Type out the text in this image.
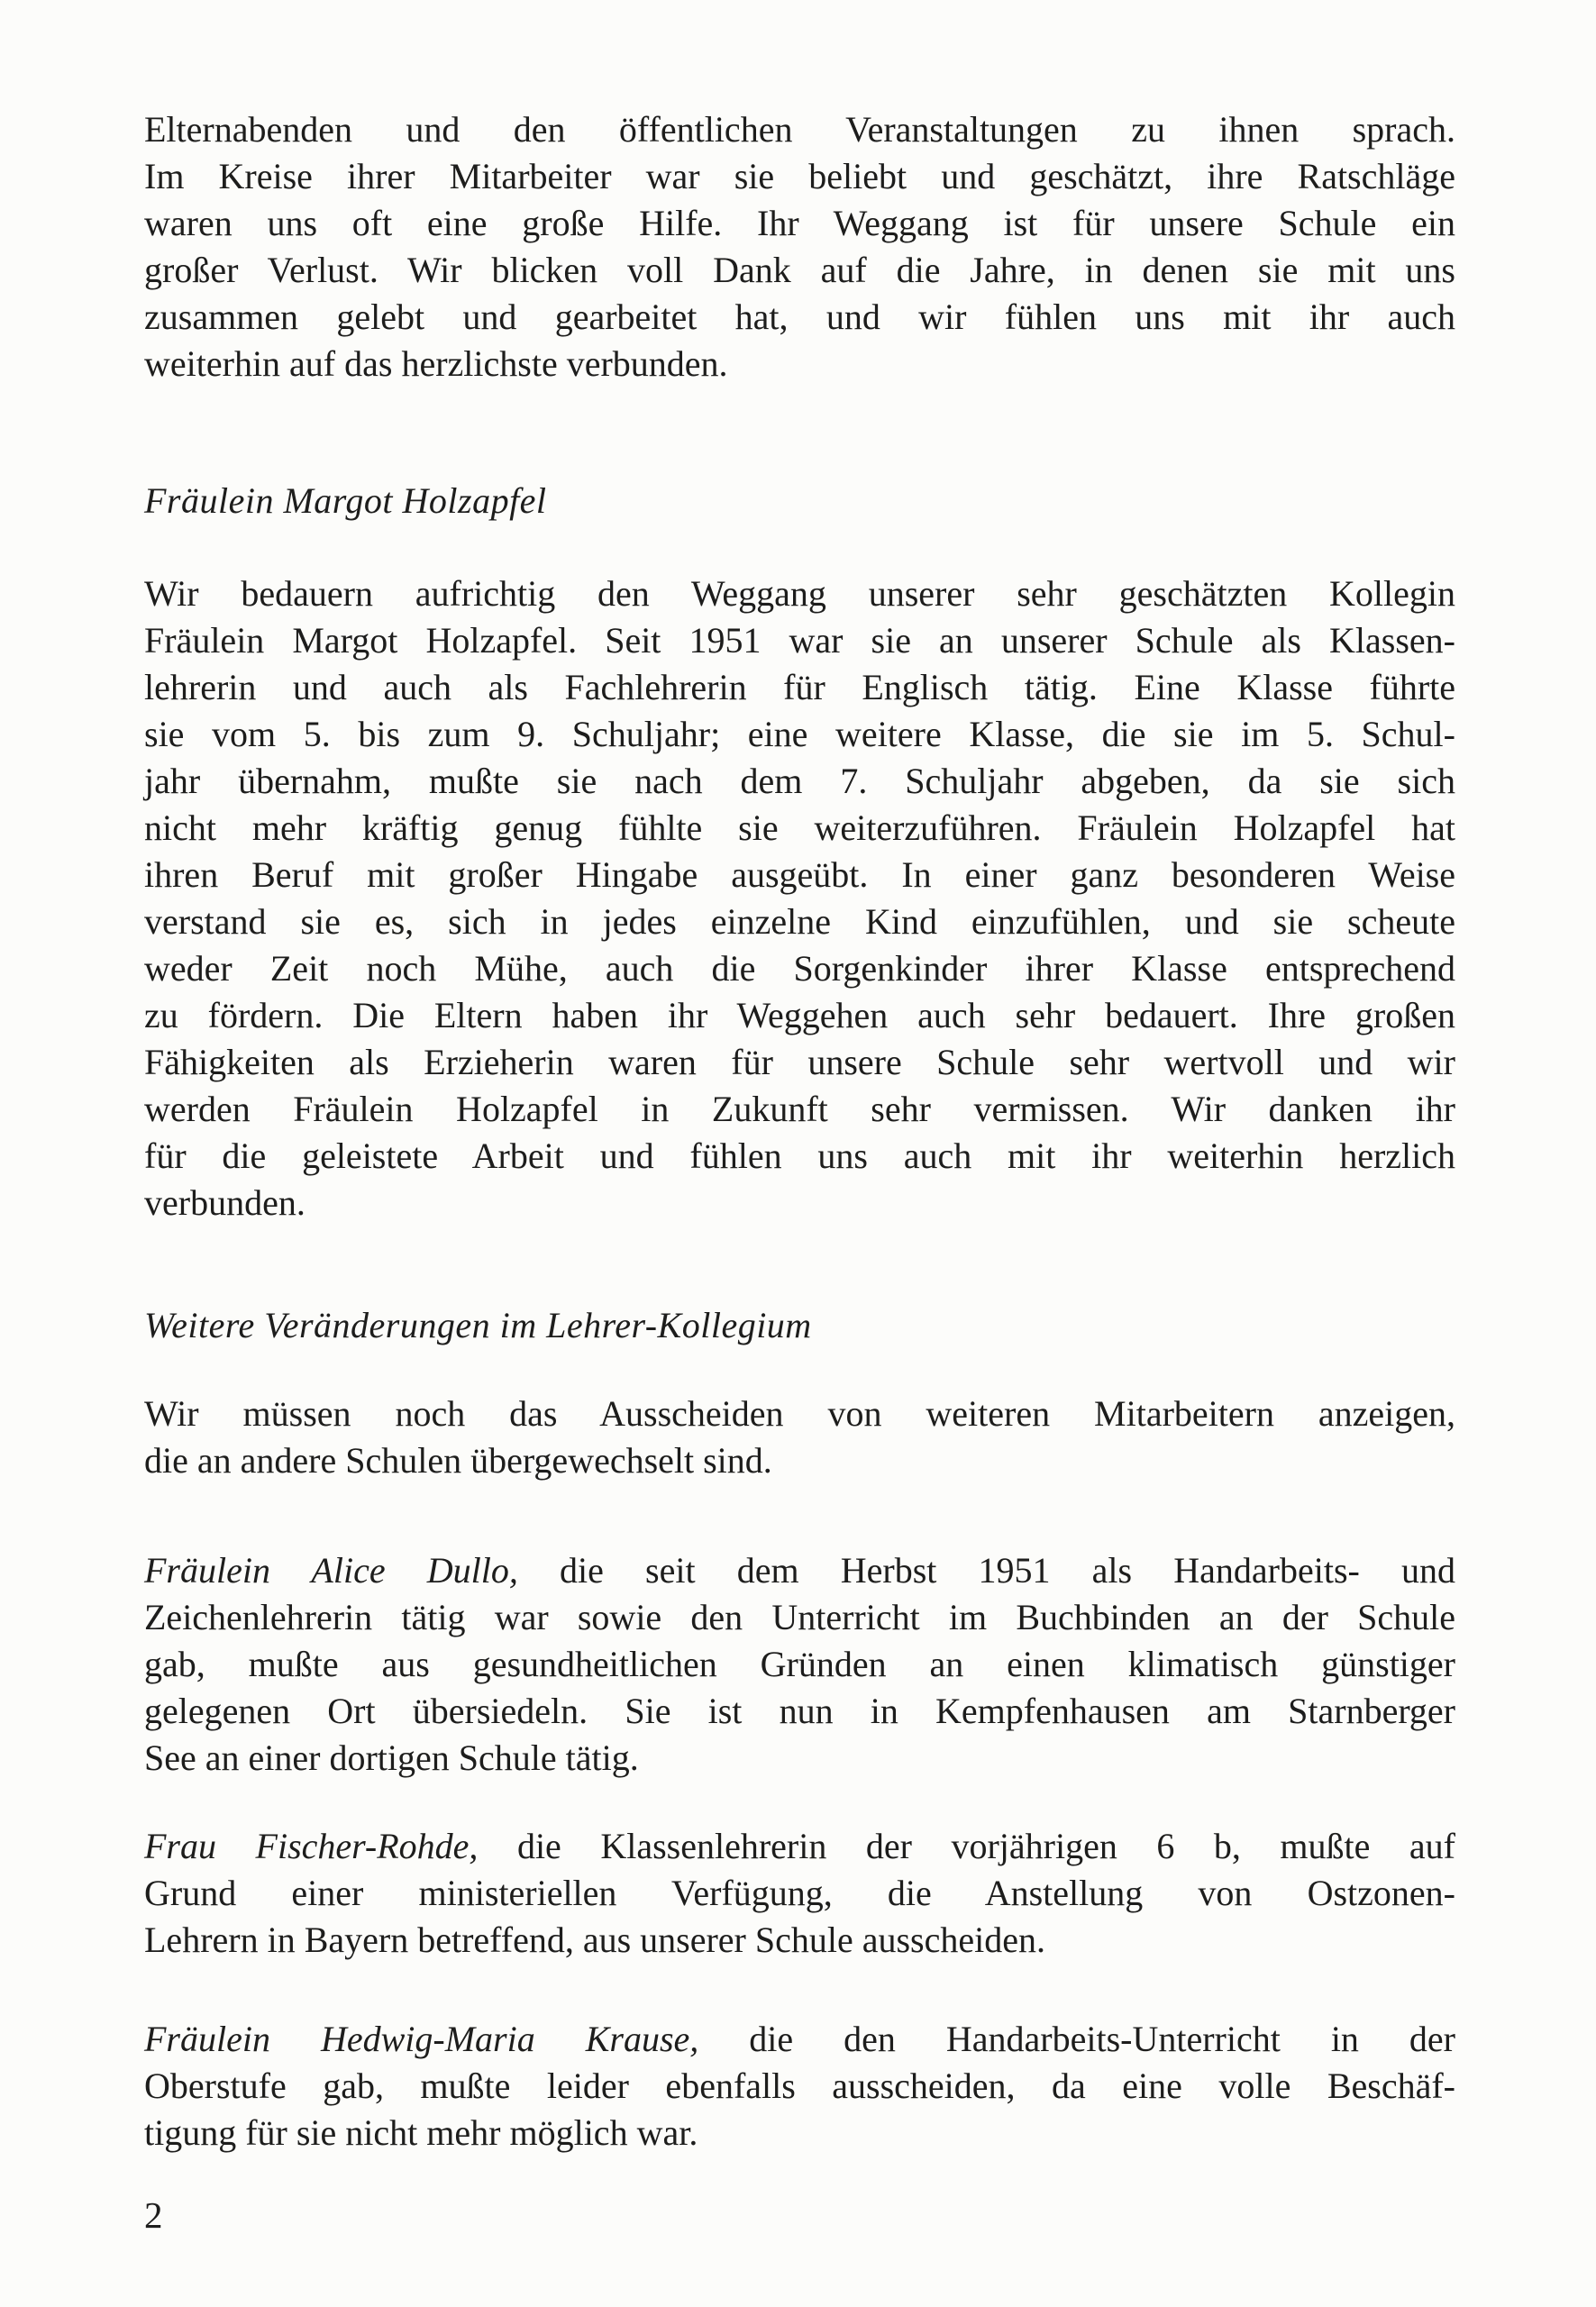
Elternabenden und den öffentlichen Veranstaltungen zu ihnen sprach.
Im Kreise ihrer Mitarbeiter war sie beliebt und geschätzt, ihre Ratschläge
waren uns oft eine große Hilfe. Ihr Weggang ist für unsere Schule ein
großer Verlust. Wir blicken voll Dank auf die Jahre, in denen sie mit uns
zusammen gelebt und gearbeitet hat, und wir fühlen uns mit ihr auch
weiterhin auf das herzlichste verbunden.
Fräulein Margot Holzapfel
Wir bedauern aufrichtig den Weggang unserer sehr geschätzten Kollegin
Fräulein Margot Holzapfel. Seit 1951 war sie an unserer Schule als Klassen-
lehrerin und auch als Fachlehrerin für Englisch tätig. Eine Klasse führte
sie vom 5. bis zum 9. Schuljahr; eine weitere Klasse, die sie im 5. Schul-
jahr übernahm, mußte sie nach dem 7. Schuljahr abgeben, da sie sich
nicht mehr kräftig genug fühlte sie weiterzuführen. Fräulein Holzapfel hat
ihren Beruf mit großer Hingabe ausgeübt. In einer ganz besonderen Weise
verstand sie es, sich in jedes einzelne Kind einzufühlen, und sie scheute
weder Zeit noch Mühe, auch die Sorgenkinder ihrer Klasse entsprechend
zu fördern. Die Eltern haben ihr Weggehen auch sehr bedauert. Ihre großen
Fähigkeiten als Erzieherin waren für unsere Schule sehr wertvoll und wir
werden Fräulein Holzapfel in Zukunft sehr vermissen. Wir danken ihr
für die geleistete Arbeit und fühlen uns auch mit ihr weiterhin herzlich
verbunden.
Weitere Veränderungen im Lehrer-Kollegium
Wir müssen noch das Ausscheiden von weiteren Mitarbeitern anzeigen,
die an andere Schulen übergewechselt sind.
Fräulein Alice Dullo, die seit dem Herbst 1951 als Handarbeits- und
Zeichenlehrerin tätig war sowie den Unterricht im Buchbinden an der Schule
gab, mußte aus gesundheitlichen Gründen an einen klimatisch günstiger
gelegenen Ort übersiedeln. Sie ist nun in Kempfenhausen am Starnberger
See an einer dortigen Schule tätig.
Frau Fischer-Rohde, die Klassenlehrerin der vorjährigen 6 b, mußte auf
Grund einer ministeriellen Verfügung, die Anstellung von Ostzonen-
Lehrern in Bayern betreffend, aus unserer Schule ausscheiden.
Fräulein Hedwig-Maria Krause, die den Handarbeits-Unterricht in der
Oberstufe gab, mußte leider ebenfalls ausscheiden, da eine volle Beschäf-
tigung für sie nicht mehr möglich war.
2
